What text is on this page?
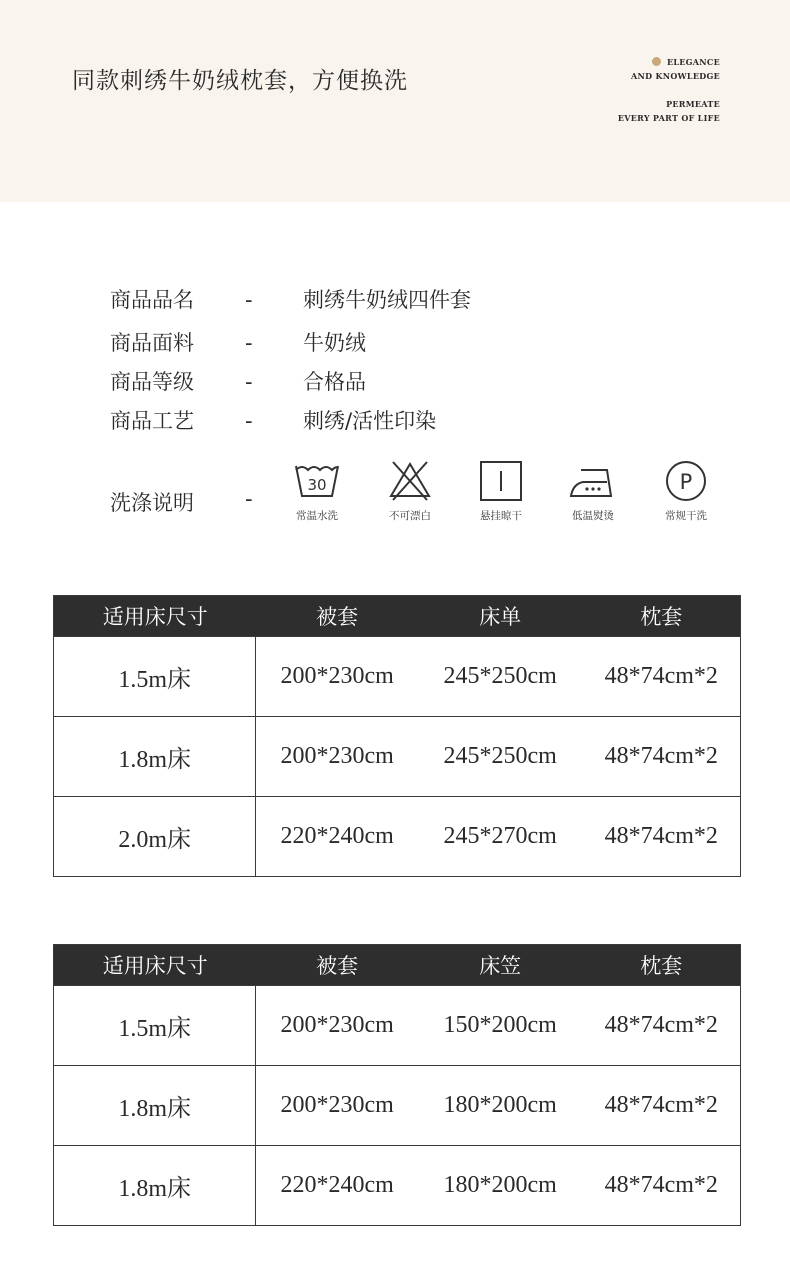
同款刺绣牛奶绒枕套，方便换洗
ELEGANCE
AND KNOWLEDGE
PERMEATE
EVERY PART OF LIFE
商品品名	-	刺绣牛奶绒四件套
商品面料	-	牛奶绒
商品等级	-	合格品
商品工艺	-	刺绣/活性印染
洗涤说明 -
30
常温水洗	不可漂白	悬挂晾干	低温熨烫
P
常规干洗
适用床尺寸	被套	床单	枕套
1.5m床	200*230cm	245*250cm	48*74cm*2
1.8m床	200*230cm	245*250cm	48*74cm*2
2.0m床	220*240cm	245*270cm	48*74cm*2
适用床尺寸	被套	床笠	枕套
1.5m床	200*230cm	150*200cm	48*74cm*2
1.8m床	200*230cm	180*200cm	48*74cm*2
1.8m床	220*240cm	180*200cm	48*74cm*2
